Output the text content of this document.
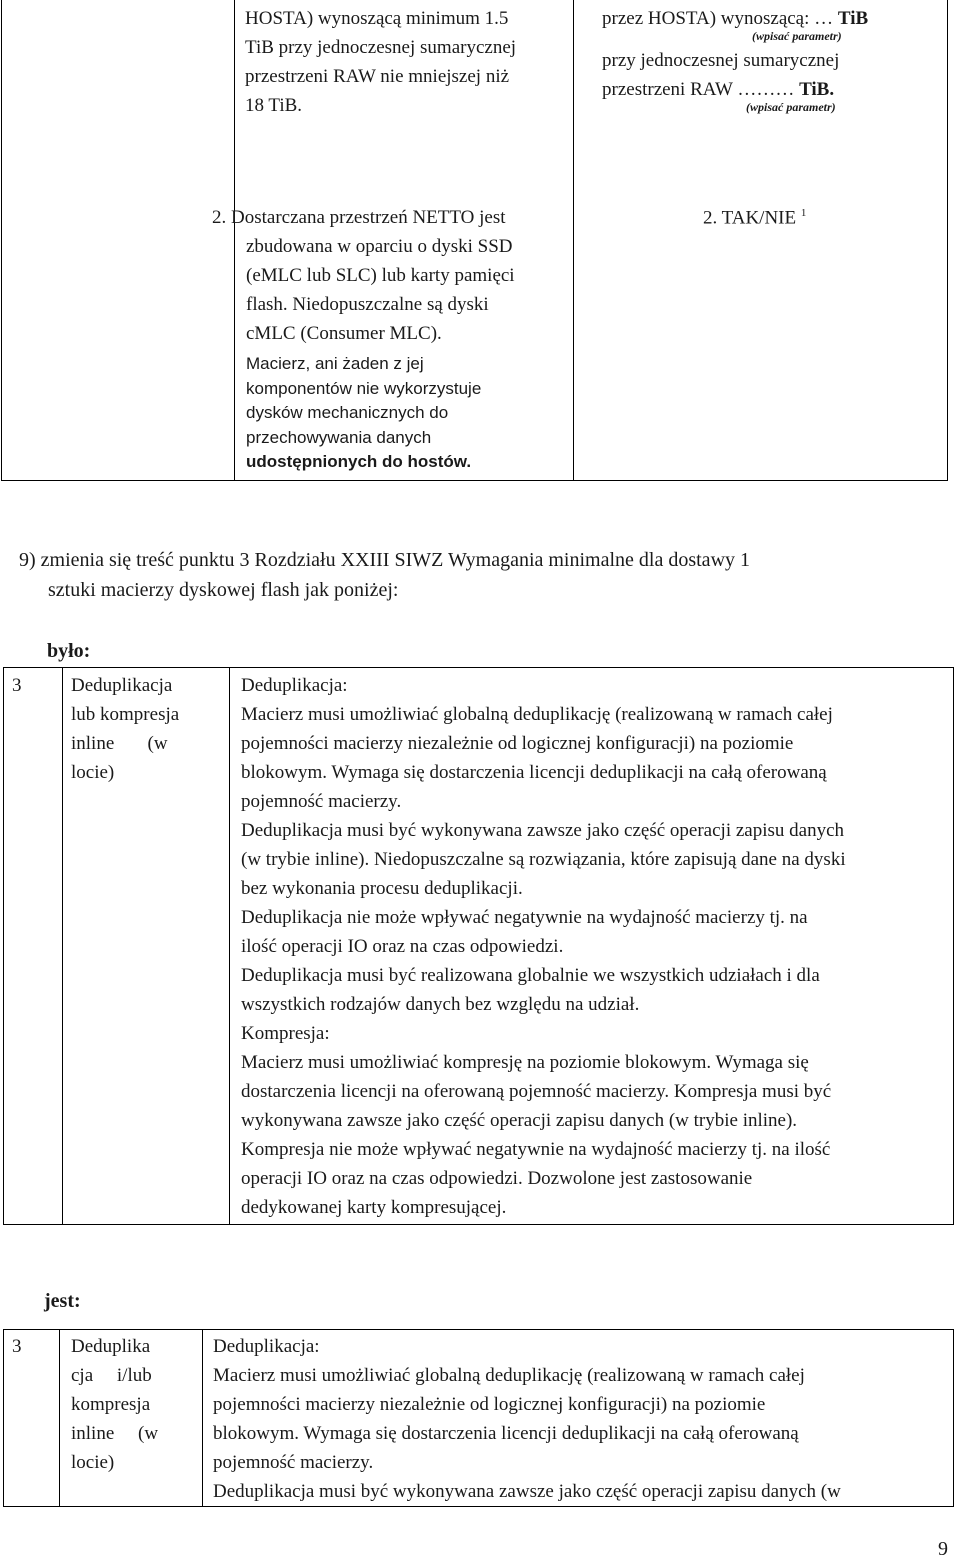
HOSTA) wynoszącą minimum 1.5
TiB przy jednoczesnej sumarycznej
przestrzeni RAW nie mniejszej niż
18 TiB.
przez HOSTA) wynoszącą: … TiB
(wpisać parametr)
przy jednoczesnej sumarycznej
przestrzeni RAW ……… TiB.
(wpisać parametr)
2. Dostarczana przestrzeń NETTO jest
zbudowana w oparciu o dyski SSD
(eMLC lub SLC) lub karty pamięci
flash. Niedopuszczalne są dyski
cMLC (Consumer MLC).
Macierz, ani żaden z jej
komponentów nie wykorzystuje
dysków mechanicznych do
przechowywania danych
udostępnionych do hostów.
2. TAK/NIE $^1$
9) zmienia się treść punktu 3 Rozdziału XXIII SIWZ Wymagania minimalne dla dostawy 1
sztuki macierzy dyskowej flash jak poniżej:
było:
3	Deduplikacja
lub kompresja
inline       (w
locie)
Deduplikacja:
Macierz musi umożliwiać globalną deduplikację (realizowaną w ramach całej
pojemności macierzy niezależnie od logicznej konfiguracji) na poziomie
blokowym. Wymaga się dostarczenia licencji deduplikacji na całą oferowaną
pojemność macierzy.
Deduplikacja musi być wykonywana zawsze jako część operacji zapisu danych
(w trybie inline). Niedopuszczalne są rozwiązania, które zapisują dane na dyski
bez wykonania procesu deduplikacji.
Deduplikacja nie może wpływać negatywnie na wydajność macierzy tj. na
ilość operacji IO oraz na czas odpowiedzi.
Deduplikacja musi być realizowana globalnie we wszystkich udziałach i dla
wszystkich rodzajów danych bez względu na udział.
Kompresja:
Macierz musi umożliwiać kompresję na poziomie blokowym. Wymaga się
dostarczenia licencji na oferowaną pojemność macierzy. Kompresja musi być
wykonywana zawsze jako część operacji zapisu danych (w trybie inline).
Kompresja nie może wpływać negatywnie na wydajność macierzy tj. na ilość
operacji IO oraz na czas odpowiedzi. Dozwolone jest zastosowanie
dedykowanej karty kompresującej.
jest:
3	Deduplika
cja     i/lub
kompresja
inline     (w
locie)
Deduplikacja:
Macierz musi umożliwiać globalną deduplikację (realizowaną w ramach całej
pojemności macierzy niezależnie od logicznej konfiguracji) na poziomie
blokowym. Wymaga się dostarczenia licencji deduplikacji na całą oferowaną
pojemność macierzy.
Deduplikacja musi być wykonywana zawsze jako część operacji zapisu danych (w
9
